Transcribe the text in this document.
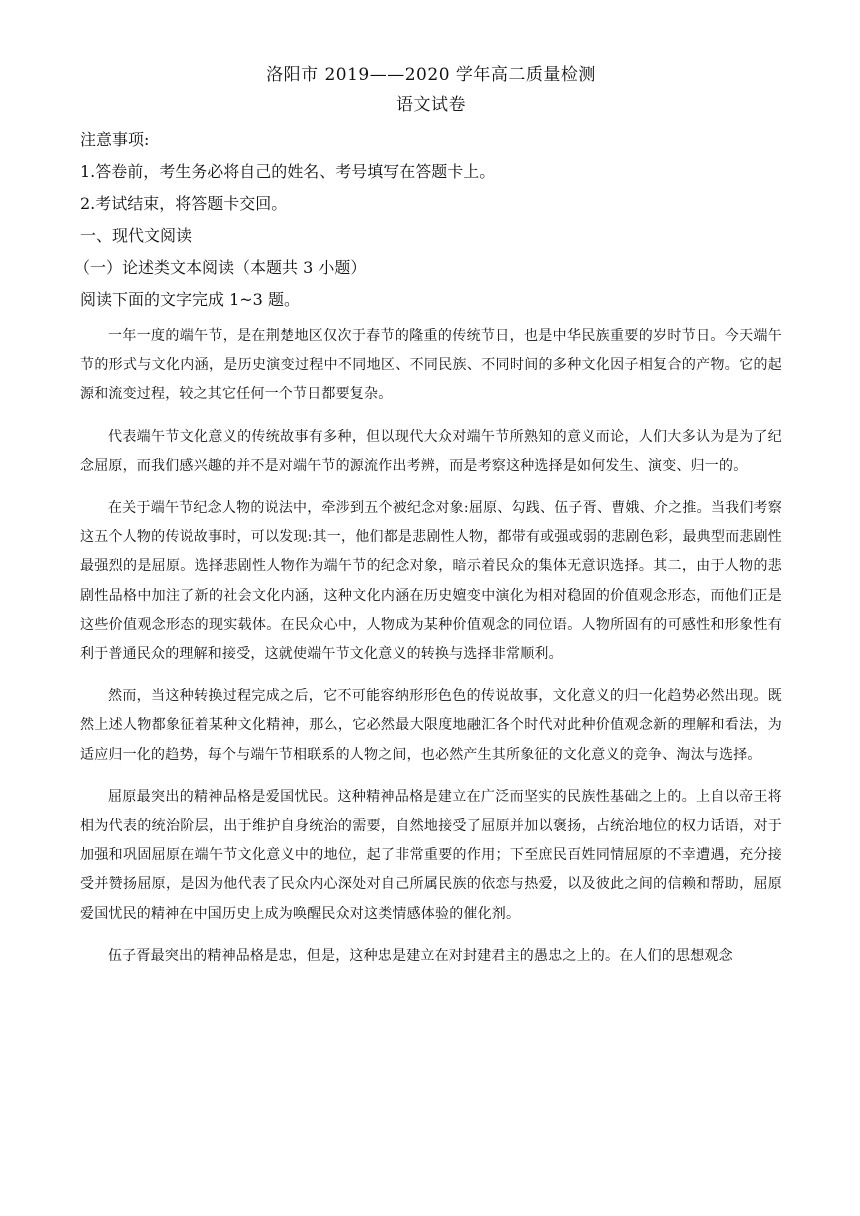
洛阳市 2019——2020 学年高二质量检测
语文试卷

注意事项:

1.答卷前，考生务必将自己的姓名、考号填写在答题卡上。

2.考试结束，将答题卡交回。

一、现代文阅读

（一）论述类文本阅读（本题共 3 小题）

阅读下面的文字完成 1~3 题。

一年一度的端午节，是在荆楚地区仅次于春节的隆重的传统节日，也是中华民族重要的岁时节日。今天端午节的形式与文化内涵，是历史演变过程中不同地区、不同民族、不同时间的多种文化因子相复合的产物。它的起源和流变过程，较之其它任何一个节日都要复杂。

代表端午节文化意义的传统故事有多种，但以现代大众对端午节所熟知的意义而论，人们大多认为是为了纪念屈原，而我们感兴趣的并不是对端午节的源流作出考辨，而是考察这种选择是如何发生、演变、归一的。

在关于端午节纪念人物的说法中，牵涉到五个被纪念对象:屈原、勾践、伍子胥、曹娥、介之推。当我们考察这五个人物的传说故事时，可以发现:其一，他们都是悲剧性人物，都带有或强或弱的悲剧色彩，最典型而悲剧性最强烈的是屈原。选择悲剧性人物作为端午节的纪念对象，暗示着民众的集体无意识选择。其二，由于人物的悲剧性品格中加注了新的社会文化内涵，这种文化内涵在历史嬗变中演化为相对稳固的价值观念形态，而他们正是这些价值观念形态的现实载体。在民众心中，人物成为某种价值观念的同位语。人物所固有的可感性和形象性有利于普通民众的理解和接受，这就使端午节文化意义的转换与选择非常顺利。

然而，当这种转换过程完成之后，它不可能容纳形形色色的传说故事，文化意义的归一化趋势必然出现。既然上述人物都象征着某种文化精神，那么，它必然最大限度地融汇各个时代对此种价值观念新的理解和看法，为适应归一化的趋势，每个与端午节相联系的人物之间，也必然产生其所象征的文化意义的竞争、淘汰与选择。

屈原最突出的精神品格是爱国忧民。这种精神品格是建立在广泛而坚实的民族性基础之上的。上自以帝王将相为代表的统治阶层，出于维护自身统治的需要，自然地接受了屈原并加以褒扬，占统治地位的权力话语，对于加强和巩固屈原在端午节文化意义中的地位，起了非常重要的作用；下至庶民百姓同情屈原的不幸遭遇，充分接受并赞扬屈原，是因为他代表了民众内心深处对自己所属民族的依恋与热爱，以及彼此之间的信赖和帮助，屈原爱国忧民的精神在中国历史上成为唤醒民众对这类情感体验的催化剂。

伍子胥最突出的精神品格是忠，但是，这种忠是建立在对封建君主的愚忠之上的。在人们的思想观念
